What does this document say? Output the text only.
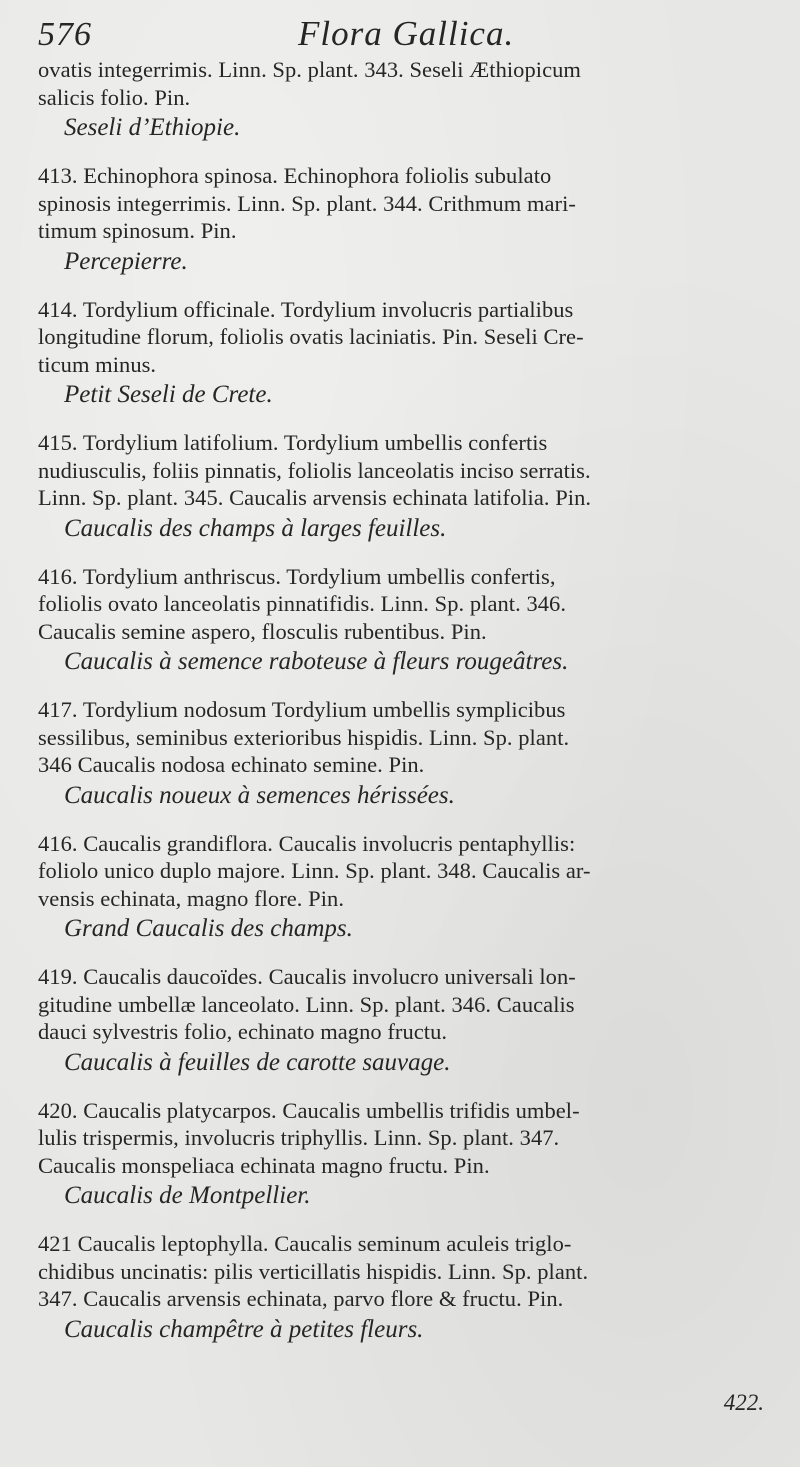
576	Flora Gallica.
ovatis integerrimis. Linn. Sp. plant. 343. Seseli Æthiopicum
salicis folio. Pin.
Seseli d’Ethiopie.
413. Echinophora spinosa. Echinophora foliolis subulato
spinosis integerrimis. Linn. Sp. plant. 344. Crithmum mari-
timum spinosum. Pin.
Percepierre.
414. Tordylium officinale. Tordylium involucris partialibus
longitudine florum, foliolis ovatis laciniatis. Pin. Seseli Cre-
ticum minus.
Petit Seseli de Crete.
415. Tordylium latifolium. Tordylium umbellis confertis
nudiusculis, foliis pinnatis, foliolis lanceolatis inciso serratis.
Linn. Sp. plant. 345. Caucalis arvensis echinata latifolia. Pin.
Caucalis des champs à larges feuilles.
416. Tordylium anthriscus. Tordylium umbellis confertis,
foliolis ovato lanceolatis pinnatifidis. Linn. Sp. plant. 346.
Caucalis semine aspero, flosculis rubentibus. Pin.
Caucalis à semence raboteuse à fleurs rougeâtres.
417. Tordylium nodosum Tordylium umbellis symplicibus
sessilibus, seminibus exterioribus hispidis. Linn. Sp. plant.
346 Caucalis nodosa echinato semine. Pin.
Caucalis noueux à semences hérissées.
416. Caucalis grandiflora. Caucalis involucris pentaphyllis:
foliolo unico duplo majore. Linn. Sp. plant. 348. Caucalis ar-
vensis echinata, magno flore. Pin.
Grand Caucalis des champs.
419. Caucalis daucoïdes. Caucalis involucro universali lon-
gitudine umbellæ lanceolato. Linn. Sp. plant. 346. Caucalis
dauci sylvestris folio, echinato magno fructu.
Caucalis à feuilles de carotte sauvage.
420. Caucalis platycarpos. Caucalis umbellis trifidis umbel-
lulis trispermis, involucris triphyllis. Linn. Sp. plant. 347.
Caucalis monspeliaca echinata magno fructu. Pin.
Caucalis de Montpellier.
421 Caucalis leptophylla. Caucalis seminum aculeis triglo-
chidibus uncinatis: pilis verticillatis hispidis. Linn. Sp. plant.
347. Caucalis arvensis echinata, parvo flore & fructu. Pin.
Caucalis champêtre à petites fleurs.
422.
